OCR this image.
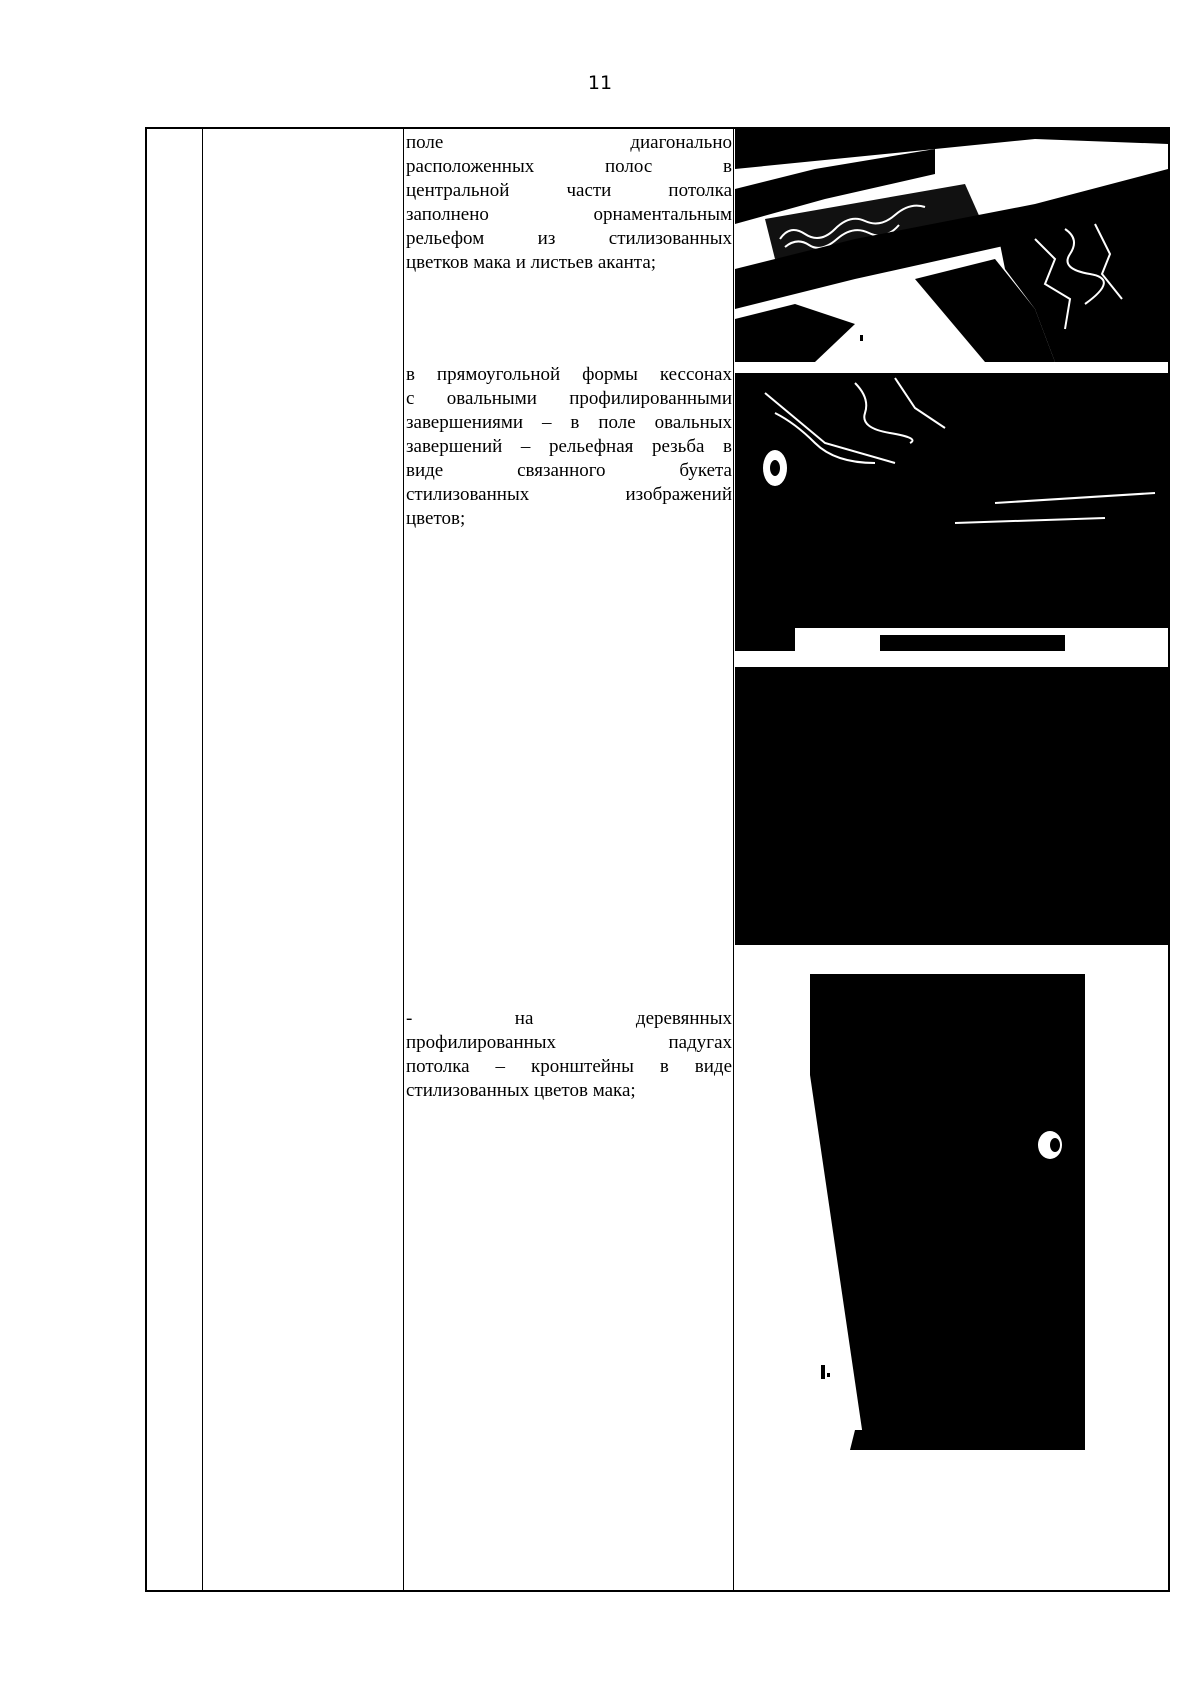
11
поле диагонально
расположенных полос в
центральной части потолка
заполнено орнаментальным
рельефом из стилизованных
цветков мака и листьев аканта;
в прямоугольной формы кессонах
с овальными профилированными
завершениями – в поле овальных
завершений – рельефная резьба в
виде связанного букета
стилизованных изображений
цветов;
- на деревянных
профилированных падугах
потолка – кронштейны в виде
стилизованных цветов мака;
